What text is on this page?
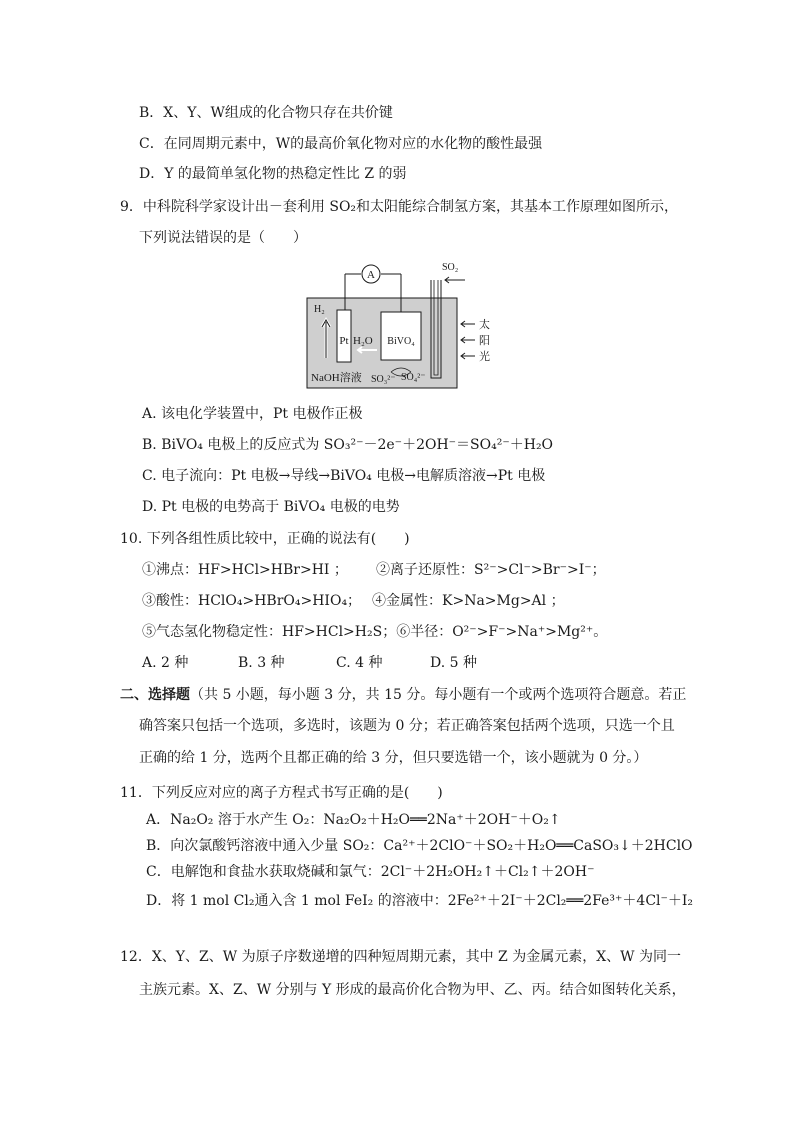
B．X、Y、W组成的化合物只存在共价键
C．在同周期元素中，W的最高价氧化物对应的水化物的酸性最强
D．Y 的最简单氢化物的热稳定性比 Z 的弱
9．中科院科学家设计出－套利用 SO₂和太阳能综合制氢方案，其基本工作原理如图所示，
下列说法错误的是（　　）
A
Pt	BiVO₄
H₂
H₂O
NaOH溶液 SO₃²⁻ SO₄²⁻
SO₂
太
阳
光
A. 该电化学装置中，Pt 电极作正极
B. BiVO₄ 电极上的反应式为 SO₃²⁻－2e⁻＋2OH⁻＝SO₄²⁻＋H₂O
C. 电子流向：Pt 电极→导线→BiVO₄ 电极→电解质溶液→Pt 电极
D. Pt 电极的电势高于 BiVO₄ 电极的电势
10. 下列各组性质比较中，正确的说法有(　　)
①沸点：HF>HCl>HBr>HI ； ②离子还原性：S²⁻>Cl⁻>Br⁻>I⁻；
③酸性：HClO₄>HBrO₄>HIO₄； ④金属性：K>Na>Mg>Al ；
⑤气态氢化物稳定性：HF>HCl>H₂S；⑥半径：O²⁻>F⁻>Na⁺>Mg²⁺。
A. 2 种	B. 3 种	C. 4 种	D. 5 种
二、选择题（共 5 小题，每小题 3 分，共 15 分。每小题有一个或两个选项符合题意。若正
确答案只包括一个选项，多选时，该题为 0 分；若正确答案包括两个选项，只选一个且
正确的给 1 分，选两个且都正确的给 3 分，但只要选错一个，该小题就为 0 分。）
11．下列反应对应的离子方程式书写正确的是(　　)
A．Na₂O₂ 溶于水产生 O₂：Na₂O₂＋H₂O══2Na⁺＋2OH⁻＋O₂↑
B．向次氯酸钙溶液中通入少量 SO₂：Ca²⁺＋2ClO⁻＋SO₂＋H₂O══CaSO₃↓＋2HClO
C．电解饱和食盐水获取烧碱和氯气：2Cl⁻＋2H₂OH₂↑＋Cl₂↑＋2OH⁻
D．将 1 mol Cl₂通入含 1 mol FeI₂ 的溶液中：2Fe²⁺＋2I⁻＋2Cl₂══2Fe³⁺＋4Cl⁻＋I₂
12．X、Y、Z、W 为原子序数递增的四种短周期元素，其中 Z 为金属元素，X、W 为同一
主族元素。X、Z、W 分别与 Y 形成的最高价化合物为甲、乙、丙。结合如图转化关系，
